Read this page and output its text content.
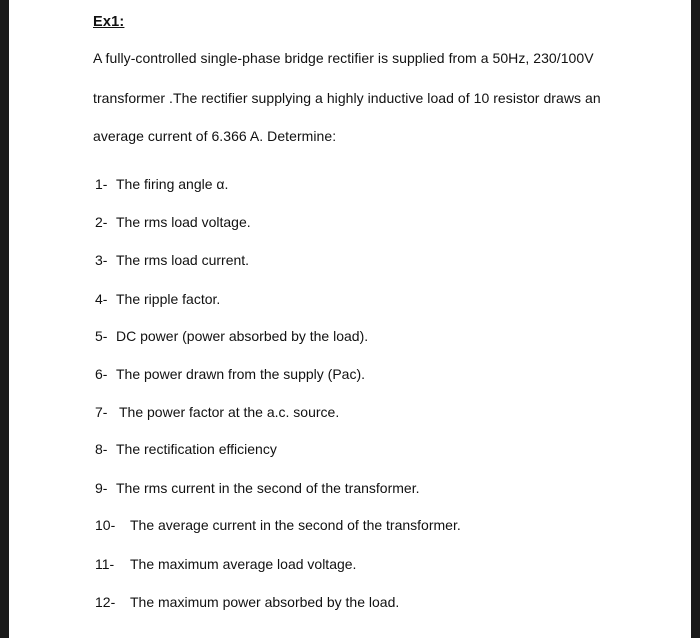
Ex1:
A fully-controlled single-phase bridge rectifier is supplied from a 50Hz, 230/100V
transformer .The rectifier supplying a highly inductive load of 10 resistor draws an
average current of 6.366 A. Determine:
1- The firing angle α.
2- The rms load voltage.
3- The rms load current.
4- The ripple factor.
5- DC power (power absorbed by the load).
6- The power drawn from the supply (Pac).
7- The power factor at the a.c. source.
8- The rectification efficiency
9- The rms current in the second of the transformer.
10-	The average current in the second of the transformer.
11-	The maximum average load voltage.
12-	The maximum power absorbed by the load.
